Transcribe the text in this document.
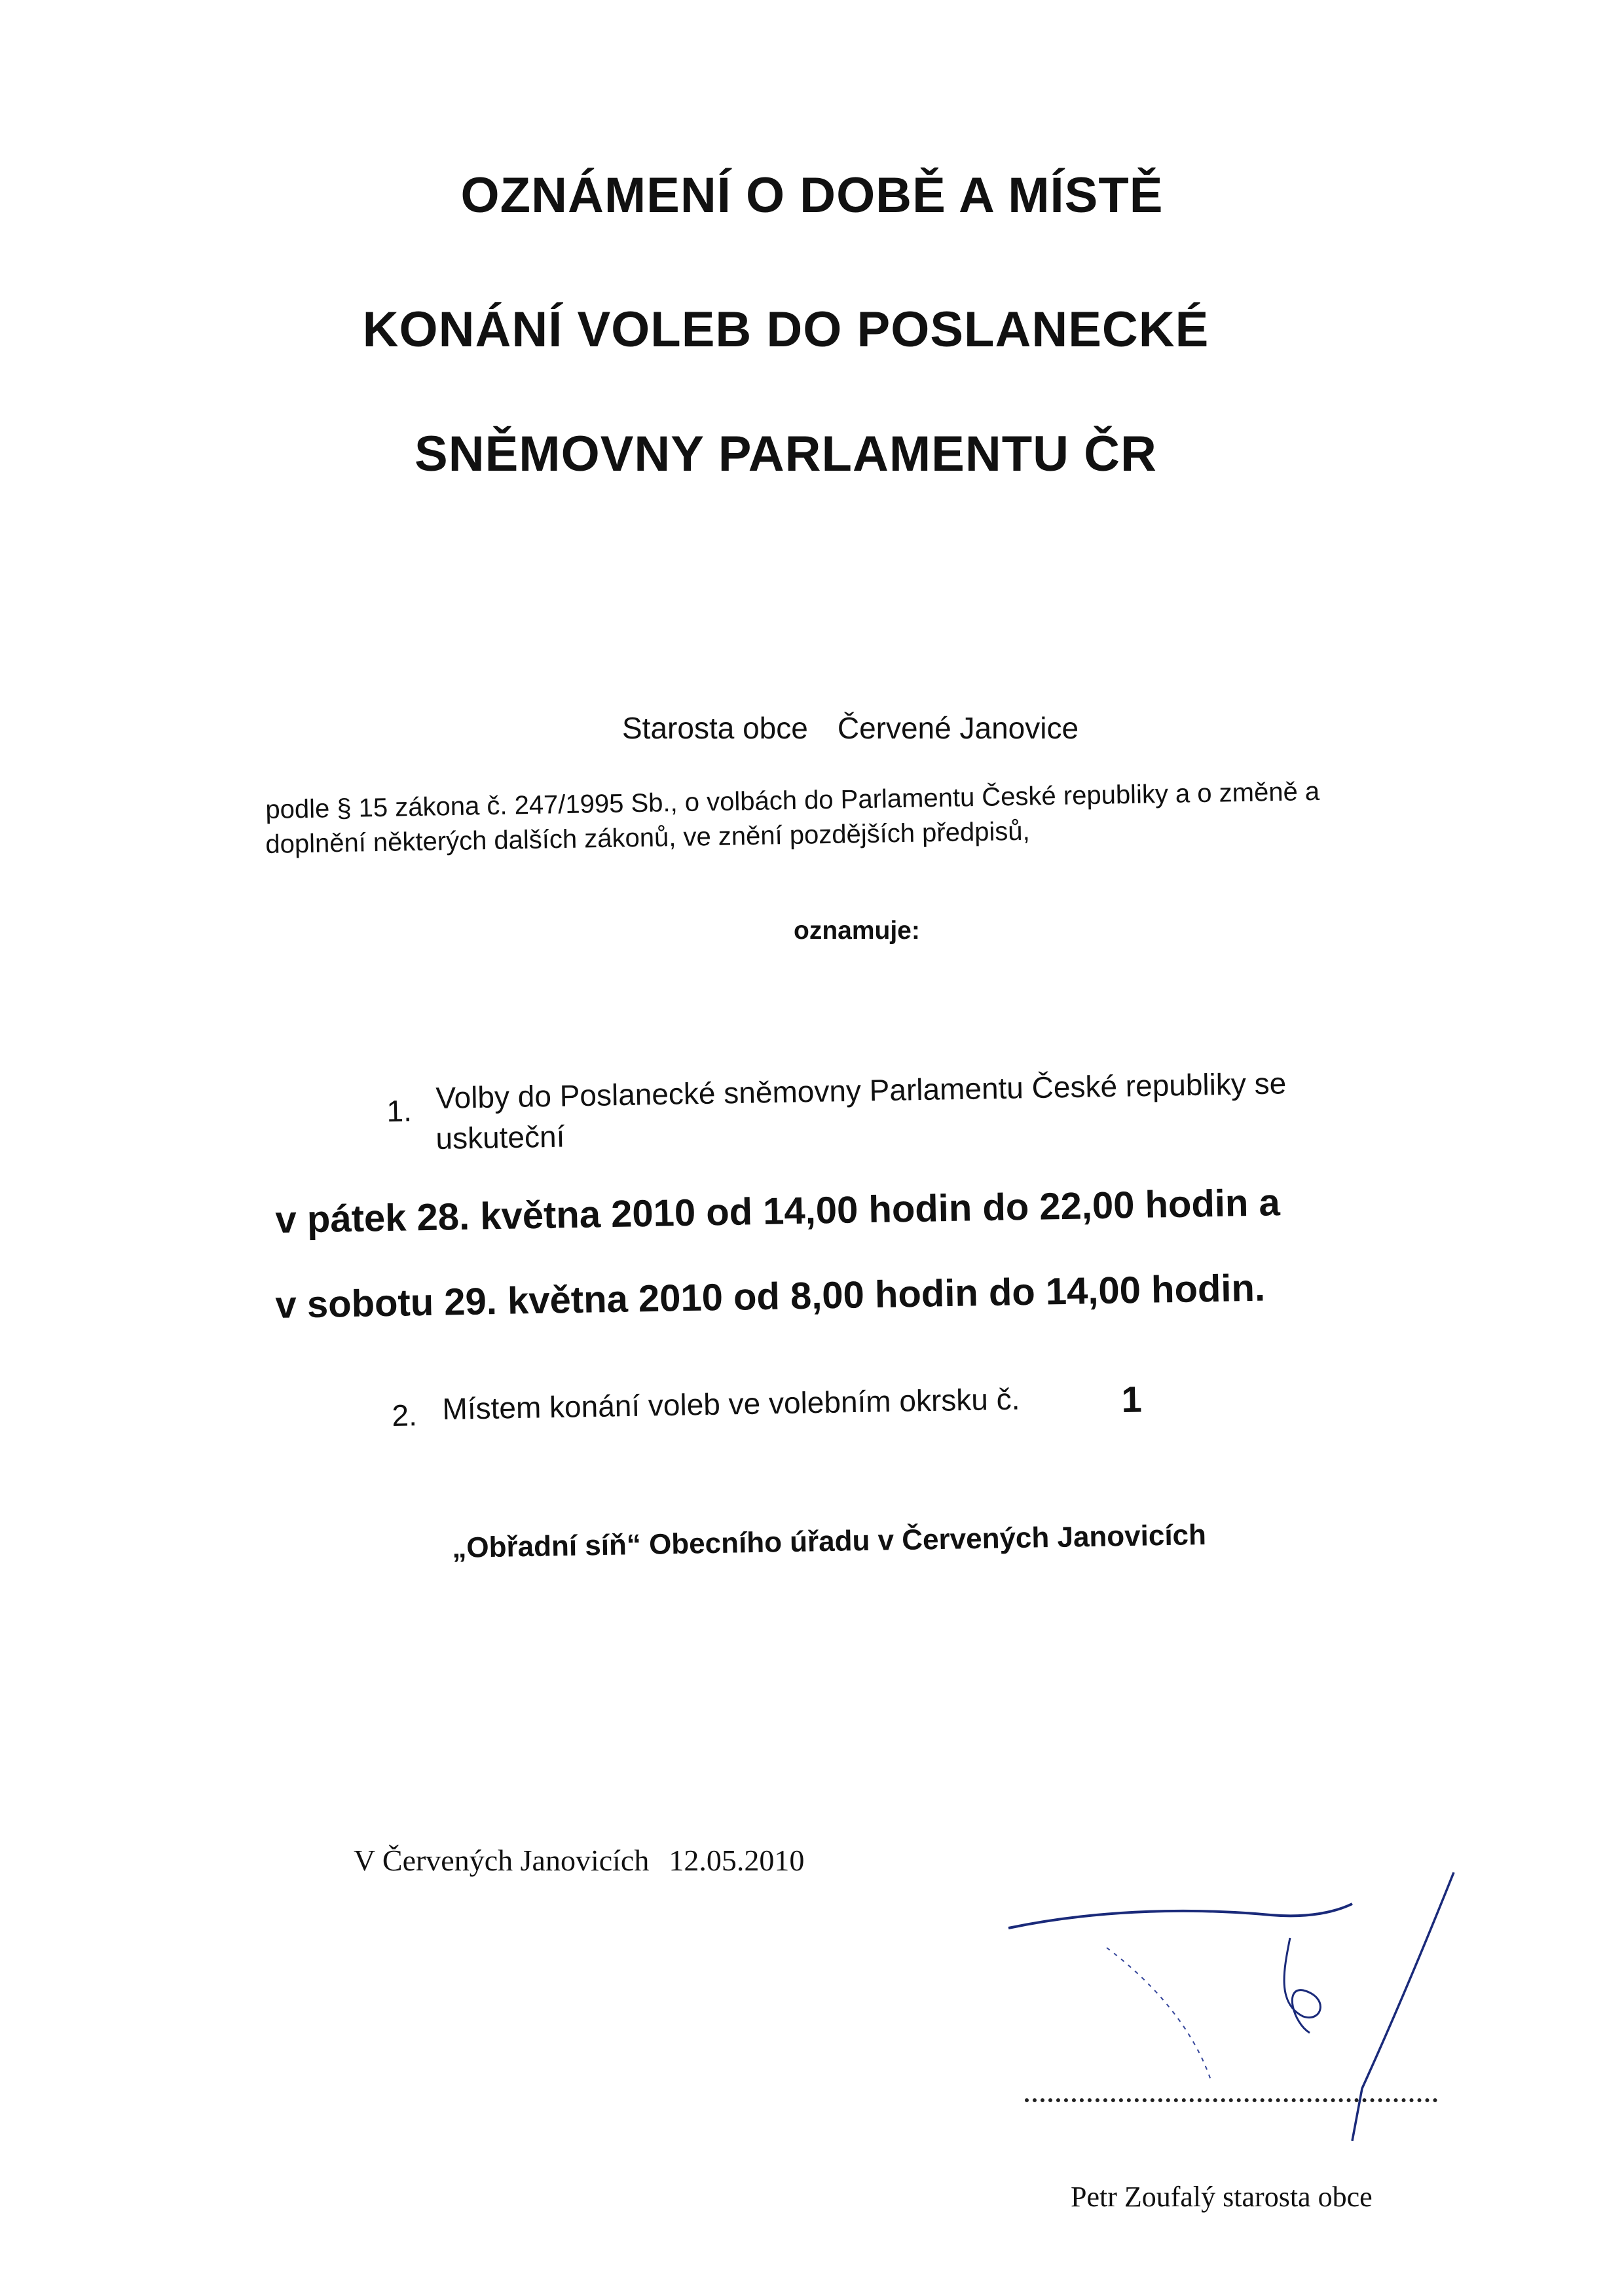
OZNÁMENÍ O DOBĚ A MÍSTĚ
KONÁNÍ VOLEB DO POSLANECKÉ
SNĚMOVNY PARLAMENTU ČR
Starosta obce Červené Janovice
podle § 15 zákona č. 247/1995 Sb., o volbách do Parlamentu České republiky a o změně a
doplnění některých dalších zákonů, ve znění pozdějších předpisů,
oznamuje:
1. Volby do Poslanecké sněmovny Parlamentu České republiky se
uskuteční
v pátek 28. května 2010 od 14,00 hodin do 22,00 hodin a
v sobotu 29. května 2010 od 8,00 hodin do 14,00 hodin.
2. Místem konání voleb ve volebním okrsku č.	1
„Obřadní síň“ Obecního úřadu v Červených Janovicích
V Červených Janovicích 12.05.2010
Petr Zoufalý starosta obce
